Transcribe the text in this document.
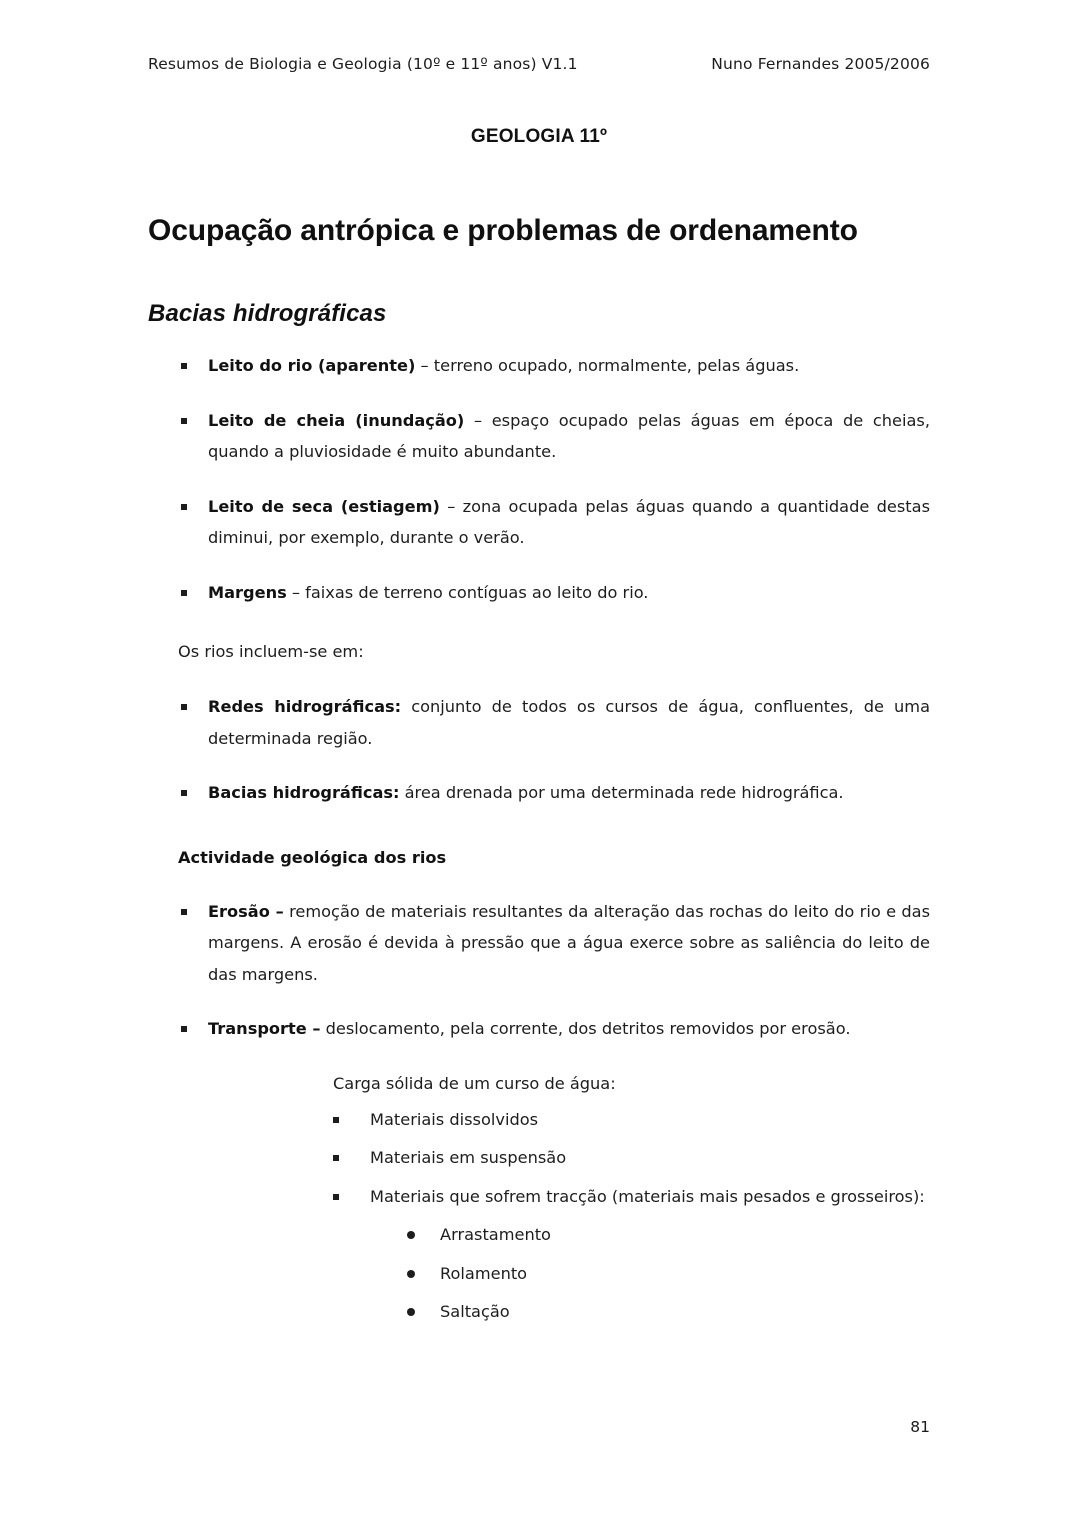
Resumos de Biologia e Geologia (10º e 11º anos) V1.1	Nuno Fernandes 2005/2006
GEOLOGIA 11º
Ocupação antrópica e problemas de ordenamento
Bacias hidrográficas

Leito do rio (aparente) – terreno ocupado, normalmente, pelas águas.

Leito de cheia (inundação) – espaço ocupado pelas águas em época de cheias, quando a pluviosidade é muito abundante.

Leito de seca (estiagem) – zona ocupada pelas águas quando a quantidade destas diminui, por exemplo, durante o verão.

Margens – faixas de terreno contíguas ao leito do rio.

Os rios incluem-se em:

Redes hidrográficas: conjunto de todos os cursos de água, confluentes, de uma determinada região.

Bacias hidrográficas: área drenada por uma determinada rede hidrográfica.

Actividade geológica dos rios

Erosão – remoção de materiais resultantes da alteração das rochas do leito do rio e das margens. A erosão é devida à pressão que a água exerce sobre as saliência do leito de das margens.

Transporte – deslocamento, pela corrente, dos detritos removidos por erosão.

Carga sólida de um curso de água:

Materiais dissolvidos

Materiais em suspensão

Materiais que sofrem tracção (materiais mais pesados e grosseiros):

Arrastamento

Rolamento

Saltação

81
